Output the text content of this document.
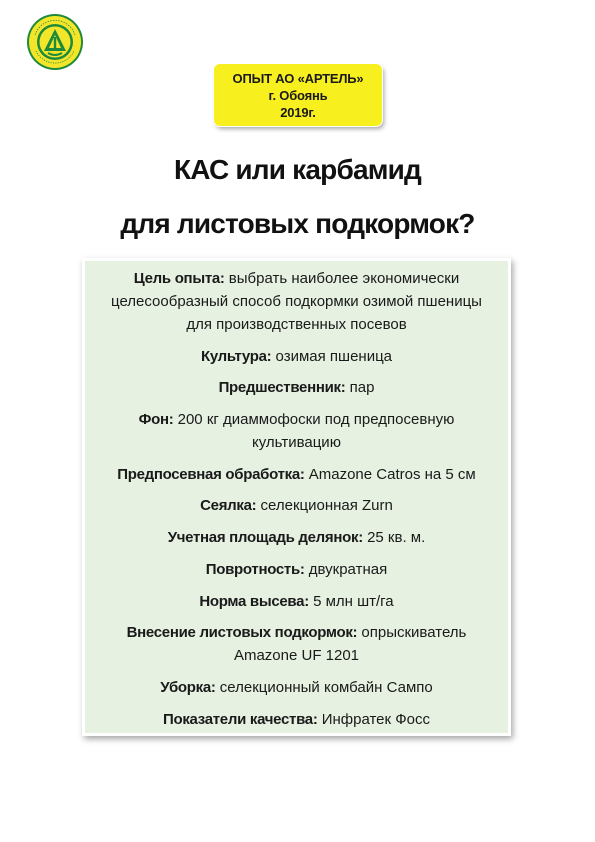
ОПЫТ АО «АРТЕЛЬ»
г. Обоянь
2019г.
КАС или карбамид
для листовых подкормок?
Цель опыта: выбрать наиболее экономически целесообразный способ подкормки озимой пшеницы для производственных посевов
Культура: озимая пшеница
Предшественник: пар
Фон: 200 кг диаммофоски под предпосевную культивацию
Предпосевная обработка: Amazone Catros на 5 см
Сеялка: селекционная Zurn
Учетная площадь делянок: 25 кв. м.
Повротность: двукратная
Норма высева: 5 млн шт/га
Внесение листовых подкормок: опрыскиватель Amazone UF 1201
Уборка: селекционный комбайн Сампо
Показатели качества: Инфратек Фосс
